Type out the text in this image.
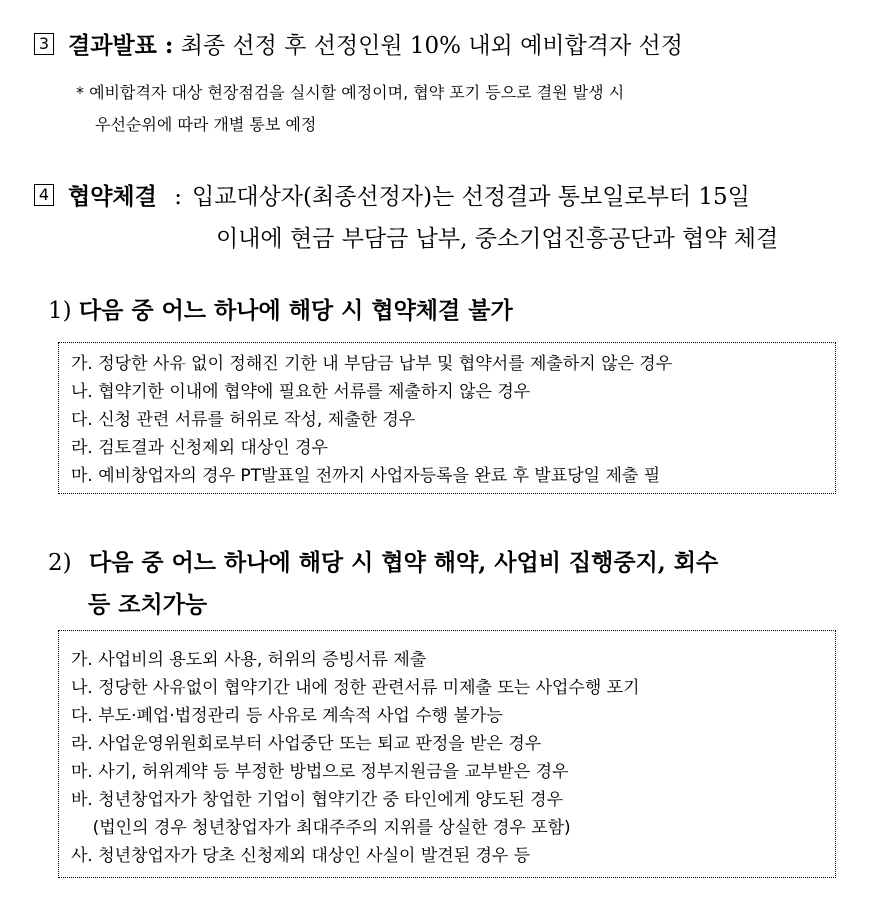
3 결과발표 : 최종 선정 후 선정인원 10% 내외 예비합격자 선정
* 예비합격자 대상 현장점검을 실시할 예정이며, 협약 포기 등으로 결원 발생 시
우선순위에 따라 개별 통보 예정
4 협약체결 : 입교대상자(최종선정자)는 선정결과 통보일로부터 15일
이내에 현금 부담금 납부, 중소기업진흥공단과 협약 체결
1) 다음 중 어느 하나에 해당 시 협약체결 불가
가. 정당한 사유 없이 정해진 기한 내 부담금 납부 및 협약서를 제출하지 않은 경우
나. 협약기한 이내에 협약에 필요한 서류를 제출하지 않은 경우
다. 신청 관련 서류를 허위로 작성, 제출한 경우
라. 검토결과 신청제외 대상인 경우
마. 예비창업자의 경우 PT발표일 전까지 사업자등록을 완료 후 발표당일 제출 필
2) 다음 중 어느 하나에 해당 시 협약 해약, 사업비 집행중지, 회수
등 조치가능
가. 사업비의 용도외 사용, 허위의 증빙서류 제출
나. 정당한 사유없이 협약기간 내에 정한 관련서류 미제출 또는 사업수행 포기
다. 부도·폐업·법정관리 등 사유로 계속적 사업 수행 불가능
라. 사업운영위원회로부터 사업중단 또는 퇴교 판정을 받은 경우
마. 사기, 허위계약 등 부정한 방법으로 정부지원금을 교부받은 경우
바. 청년창업자가 창업한 기업이 협약기간 중 타인에게 양도된 경우
(법인의 경우 청년창업자가 최대주주의 지위를 상실한 경우 포함)
사. 청년창업자가 당초 신청제외 대상인 사실이 발견된 경우 등
